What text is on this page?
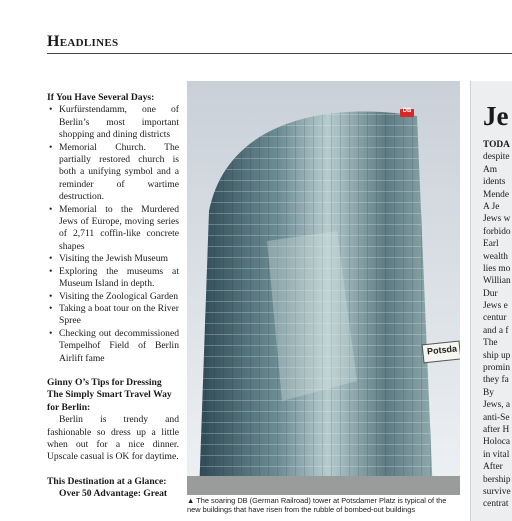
Headlines
If You Have Several Days:
• Kurfürstendamm, one of Berlin’s most important shopping and dining districts
• Memorial Church. The partially restored church is both a unifying symbol and a reminder of wartime destruction.
• Memorial to the Murdered Jews of Europe, moving series of 2,711 coffin-like concrete shapes
• Visiting the Jewish Museum
• Exploring the museums at Museum Island in depth.
• Visiting the Zoological Garden
• Taking a boat tour on the River Spree
• Checking out decommissioned Tempelhof Field of Berlin Airlift fame
Ginny O’s Tips for Dressing The Simply Smart Travel Way for Berlin:

Berlin is trendy and fashionable so dress up a little when out for a nice dinner. Upscale casual is OK for daytime.

This Destination at a Glance:

Over 50 Advantage: Great

DB
Potsda
▲ The soaring DB (German Railroad) tower at Potsdamer Platz is typical of the new buildings that have risen from the rubble of bombed-out buildings
Je
TODA
despite
Am
idents
Mende
A Je
Jews w
forbido
Earl
wealth
lies mo
Willian
Dur
Jews e
centur
and a f
The
ship up
promin
they fa
By
Jews, a
anti-Se
after H
Holoca
in vital
After
bership
survive
centrat
